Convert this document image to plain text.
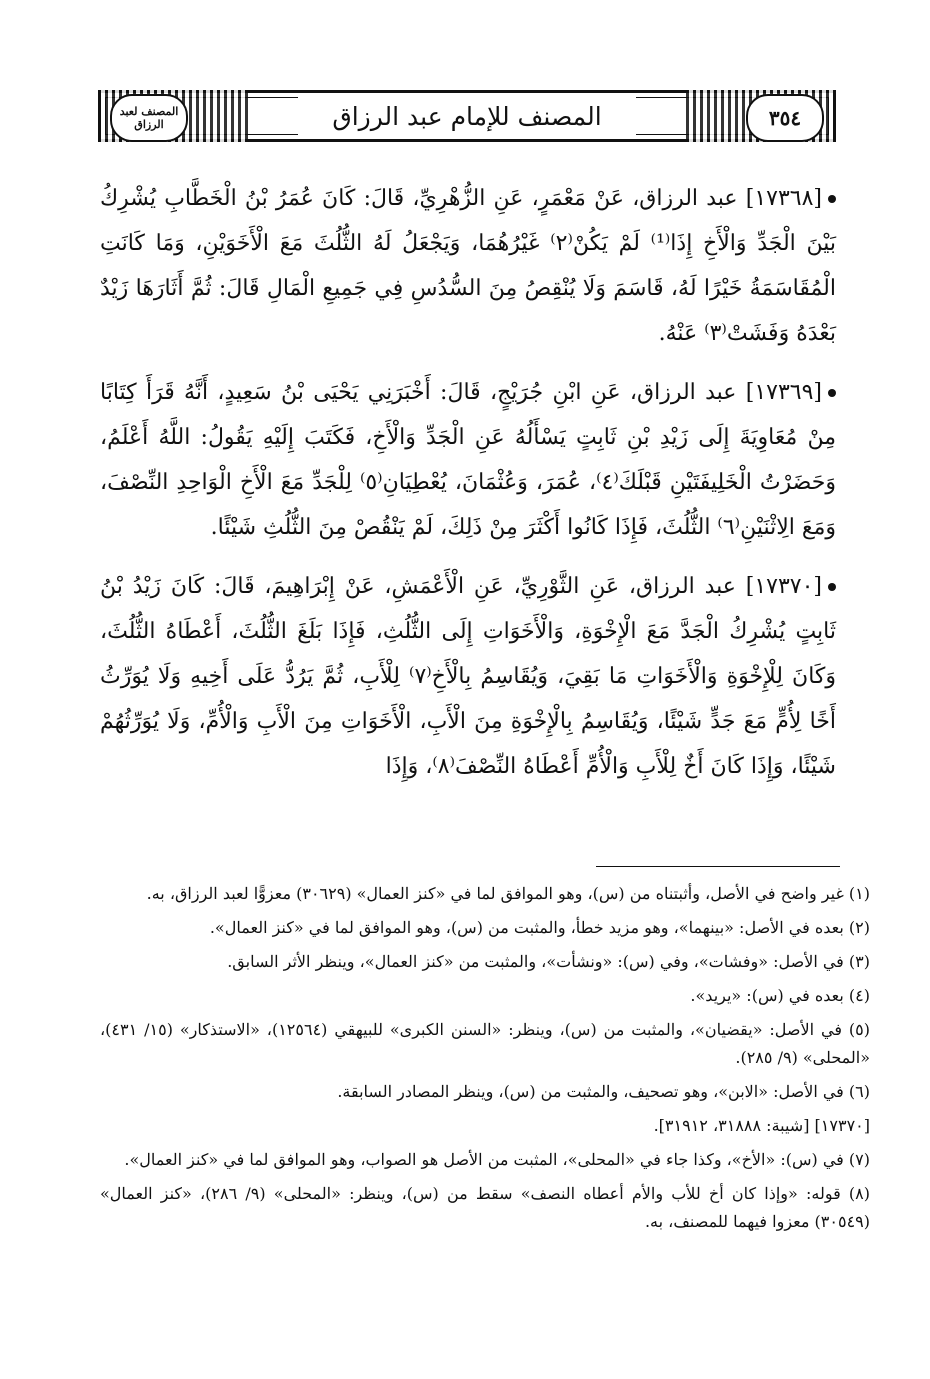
المصنف لعبد الرزاق	٣٥٤
المصنف للإمام عبد الرزاق

[١٧٣٦٨] عبد الرزاق، عَنْ مَعْمَرٍ، عَنِ الزُّهْرِيِّ، قَالَ: كَانَ عُمَرُ بْنُ الْخَطَّابِ يُشْرِكُ بَيْنَ الْجَدِّ وَالْأَخِ إِذَا⁽¹⁾ لَمْ يَكُنْ⁽٢⁾ غَيْرُهُمَا، وَيَجْعَلُ لَهُ الثُّلُثَ مَعَ الْأَخَوَيْنِ، وَمَا كَانَتِ الْمُقَاسَمَةُ خَيْرًا لَهُ، قَاسَمَ وَلَا يُنْقِصُ مِنَ السُّدُسِ فِي جَمِيعِ الْمَالِ قَالَ: ثُمَّ أَثَارَهَا زَيْدٌ بَعْدَهُ وَفَشَتْ⁽٣⁾ عَنْهُ.

[١٧٣٦٩] عبد الرزاق، عَنِ ابْنِ جُرَيْجٍ، قَالَ: أَخْبَرَنِي يَحْيَى بْنُ سَعِيدٍ، أَنَّهُ قَرَأَ كِتَابًا مِنْ مُعَاوِيَةَ إِلَى زَيْدِ بْنِ ثَابِتٍ يَسْأَلُهُ عَنِ الْجَدِّ وَالْأَخِ، فَكَتَبَ إِلَيْهِ يَقُولُ: اللَّهُ أَعْلَمُ، وَحَضَرْتُ الْخَلِيفَتَيْنِ قَبْلَكَ⁽٤⁾، عُمَرَ، وَعُثْمَانَ، يُعْطِيَانِ⁽٥⁾ لِلْجَدِّ مَعَ الْأَخِ الْوَاحِدِ النِّصْفَ، وَمَعَ الِاثْنَيْنِ⁽٦⁾ الثُّلُثَ، فَإِذَا كَانُوا أَكْثَرَ مِنْ ذَلِكَ، لَمْ يَنْقُصْ مِنَ الثُّلُثِ شَيْئًا.

[١٧٣٧٠] عبد الرزاق، عَنِ الثَّوْرِيِّ، عَنِ الْأَعْمَشِ، عَنْ إِبْرَاهِيمَ، قَالَ: كَانَ زَيْدُ بْنُ ثَابِتٍ يُشْرِكُ الْجَدَّ مَعَ الْإِخْوَةِ، وَالْأَخَوَاتِ إِلَى الثُّلُثِ، فَإِذَا بَلَغَ الثُّلُثَ، أَعْطَاهُ الثُّلُثَ، وَكَانَ لِلْإِخْوَةِ وَالْأَخَوَاتِ مَا بَقِيَ، وَيُقَاسِمُ بِالْأَخِ⁽٧⁾ لِلْأَبِ، ثُمَّ يَرُدُّ عَلَى أَخِيهِ وَلَا يُوَرِّثُ أَخًا لِأُمٍّ مَعَ جَدٍّ شَيْئًا، وَيُقَاسِمُ بِالْإِخْوَةِ مِنَ الْأَبِ، الْأَخَوَاتِ مِنَ الْأَبِ وَالْأُمِّ، وَلَا يُوَرِّثُهُمْ شَيْئًا، وَإِذَا كَانَ أَخٌ لِلْأَبِ وَالْأُمِّ أَعْطَاهُ النِّصْفَ⁽٨⁾، وَإِذَا

(١) غير واضح في الأصل، وأثبتناه من (س)، وهو الموافق لما في «كنز العمال» (٣٠٦٢٩) معزوًّا لعبد الرزاق، به.

(٢) بعده في الأصل: «بينهما»، وهو مزيد خطأ، والمثبت من (س)، وهو الموافق لما في «كنز العمال».

(٣) في الأصل: «وفشات»، وفي (س): «ونشأت»، والمثبت من «كنز العمال»، وينظر الأثر السابق.

(٤) بعده في (س): «يريد».

(٥) في الأصل: «يقضيان»، والمثبت من (س)، وينظر: «السنن الكبرى» للبيهقي (١٢٥٦٤)، «الاستذكار» (١٥/ ٤٣١)، «المحلى» (٩/ ٢٨٥).

(٦) في الأصل: «الابن»، وهو تصحيف، والمثبت من (س)، وينظر المصادر السابقة.

[١٧٣٧٠] [شيبة: ٣١٨٨٨، ٣١٩١٢].

(٧) في (س): «الأخ»، وكذا جاء في «المحلى»، المثبت من الأصل هو الصواب، وهو الموافق لما في «كنز العمال».

(٨) قوله: «وإذا كان أخ للأب والأم أعطاه النصف» سقط من (س)، وينظر: «المحلى» (٩/ ٢٨٦)، «كنز العمال» (٣٠٥٤٩) معزوا فيهما للمصنف، به.
